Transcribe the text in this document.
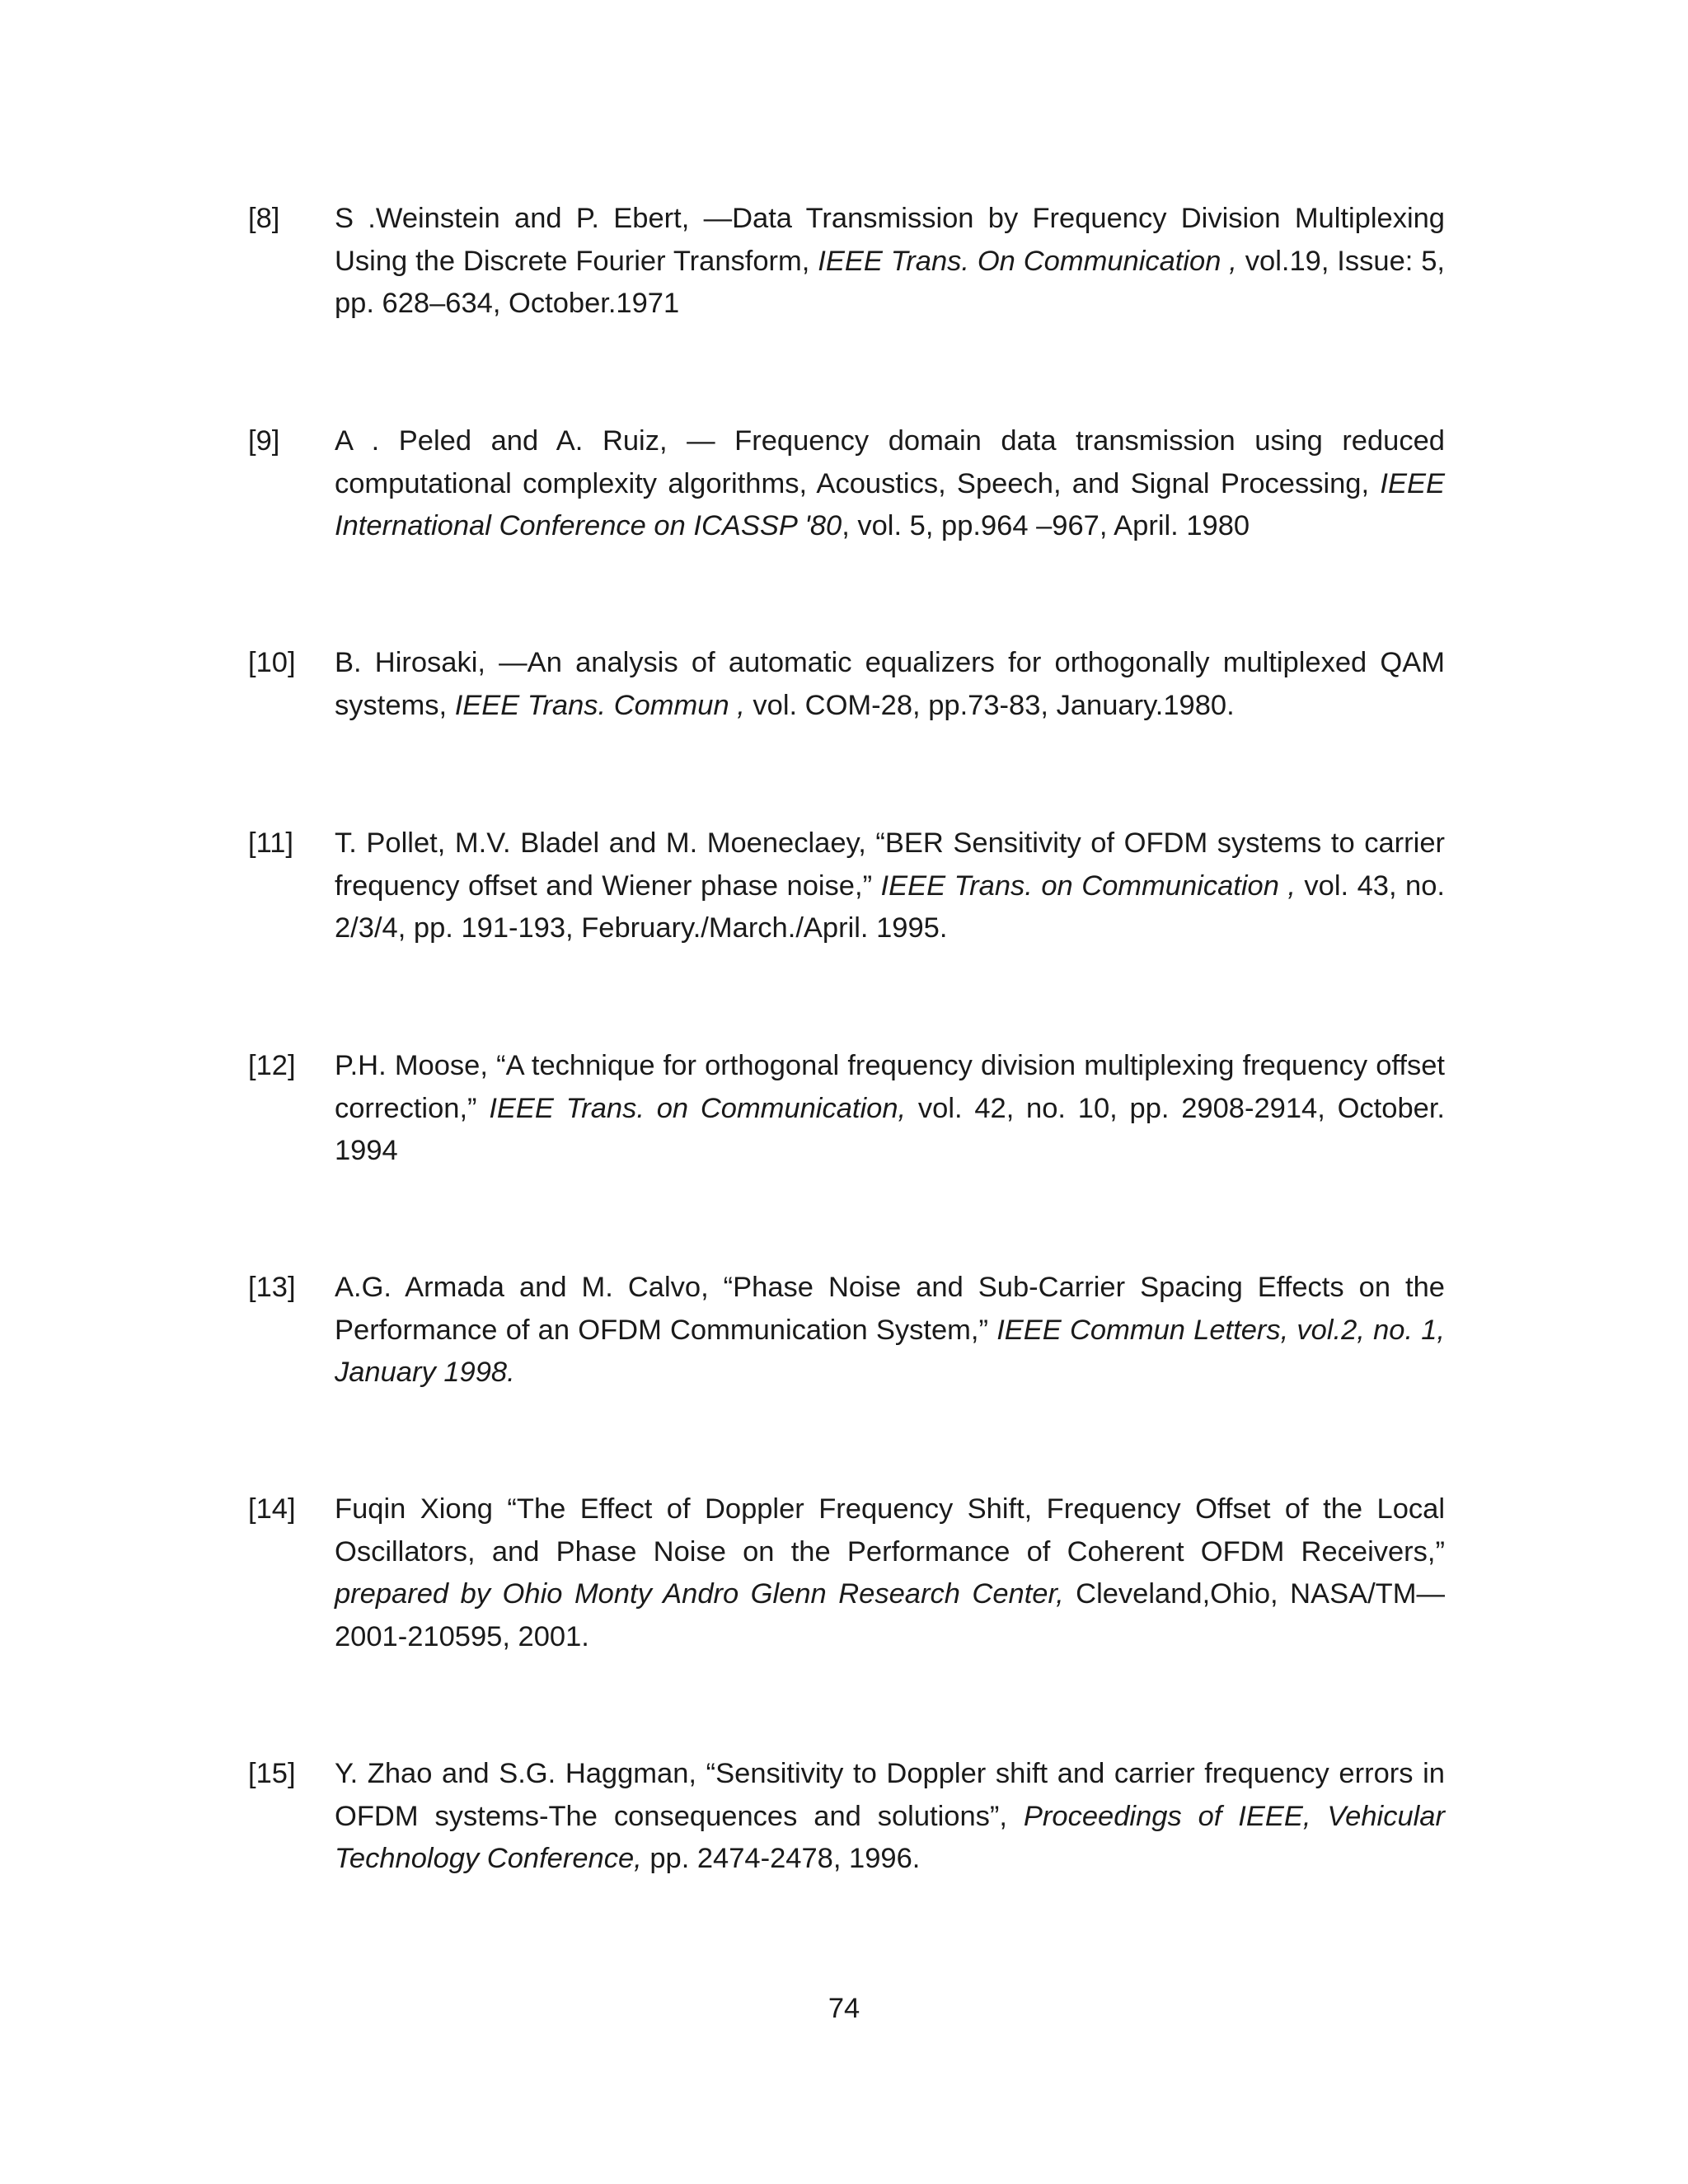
[8]	S .Weinstein and P. Ebert, —Data Transmission by Frequency Division Multiplexing Using the Discrete Fourier Transform, IEEE Trans. On Communication , vol.19, Issue: 5, pp. 628–634, October.1971
[9]	A . Peled and A. Ruiz, — Frequency domain data transmission using reduced computational complexity algorithms, Acoustics, Speech, and Signal Processing, IEEE International Conference on ICASSP '80, vol. 5, pp.964 –967, April. 1980
[10]	B. Hirosaki, —An analysis of automatic equalizers for orthogonally multiplexed QAM systems, IEEE Trans. Commun , vol. COM-28, pp.73-83, January.1980.
[11]	T. Pollet, M.V. Bladel and M. Moeneclaey, “BER Sensitivity of OFDM systems to carrier frequency offset and Wiener phase noise,” IEEE Trans. on Communication , vol. 43, no. 2/3/4, pp. 191-193, February./March./April. 1995.
[12]	P.H. Moose, “A technique for orthogonal frequency division multiplexing frequency offset correction,” IEEE Trans. on Communication, vol. 42, no. 10, pp. 2908-2914, October. 1994
[13]	A.G. Armada and M. Calvo, “Phase Noise and Sub-Carrier Spacing Effects on the Performance of an OFDM Communication System,” IEEE Commun Letters, vol.2, no. 1, January 1998.
[14]	Fuqin Xiong “The Effect of Doppler Frequency Shift, Frequency Offset of the Local Oscillators, and Phase Noise on the Performance of Coherent OFDM Receivers,” prepared by Ohio Monty Andro Glenn Research Center, Cleveland,Ohio, NASA/TM—2001-210595, 2001.
[15]	Y. Zhao and S.G. Haggman, “Sensitivity to Doppler shift and carrier frequency errors in OFDM systems-The consequences and solutions”, Proceedings of IEEE, Vehicular Technology Conference, pp. 2474-2478, 1996.
74
